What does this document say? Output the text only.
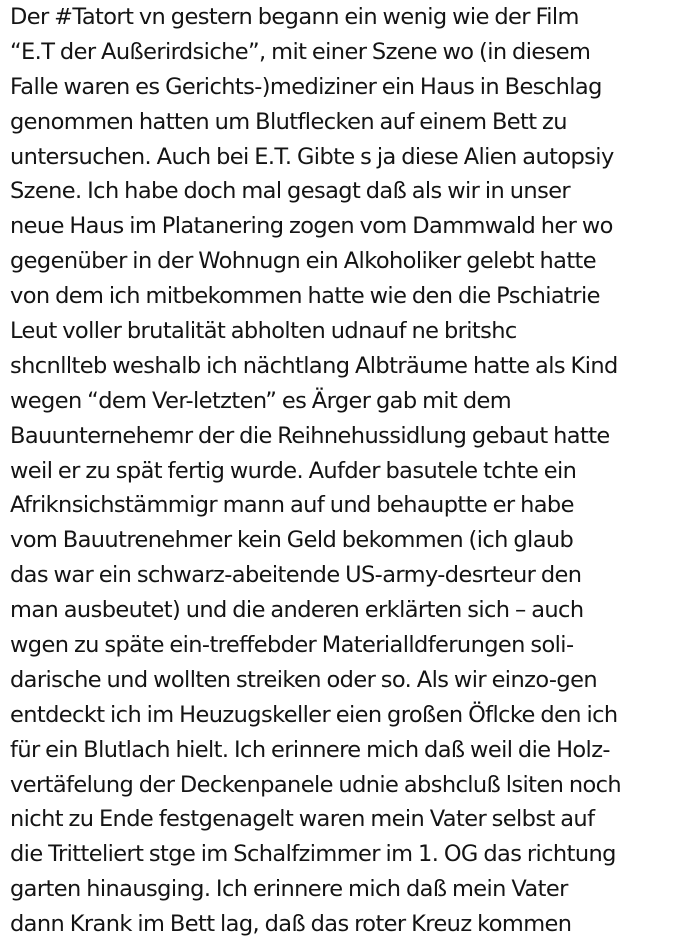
Der #Tatort vn gestern begann ein wenig wie der Film
“E.T der Außerirdsiche”, mit einer Szene wo (in diesem
Falle waren es Gerichts-)mediziner ein Haus in Beschlag
genommen hatten um Blutflecken auf einem Bett zu
untersuchen. Auch bei E.T. Gibte s ja diese Alien autopsiy
Szene. Ich habe doch mal gesagt daß als wir in unser
neue Haus im Platanering zogen vom Dammwald her wo
gegenüber in der Wohnugn ein Alkoholiker gelebt hatte
von dem ich mitbekommen hatte wie den die Pschiatrie
Leut voller brutalität abholten udnauf ne britshc
shcnllteb weshalb ich nächtlang Albträume hatte als Kind
wegen “dem Ver-letzten” es Ärger gab mit dem
Bauunternehemr der die Reihnehussidlung gebaut hatte
weil er zu spät fertig wurde. Aufder basutele tchte ein
Afriknsichstämmigr mann auf und behauptte er habe
vom Bauutrenehmer kein Geld bekommen (ich glaub
das war ein schwarz-abeitende US-army-desrteur den
man ausbeutet) und die anderen erklärten sich – auch
wgen zu späte ein-treffebder Materialldferungen soli-
darische und wollten streiken oder so. Als wir einzo-gen
entdeckt ich im Heuzugskeller eien großen Öflcke den ich
für ein Blutlach hielt. Ich erinnere mich daß weil die Holz-
vertäfelung der Deckenpanele udnie abshcluß lsiten noch
nicht zu Ende festgenagelt waren mein Vater selbst auf
die Tritteliert stge im Schalfzimmer im 1. OG das richtung
garten hinausging. Ich erinnere mich daß mein Vater
dann Krank im Bett lag, daß das roter Kreuz kommen
